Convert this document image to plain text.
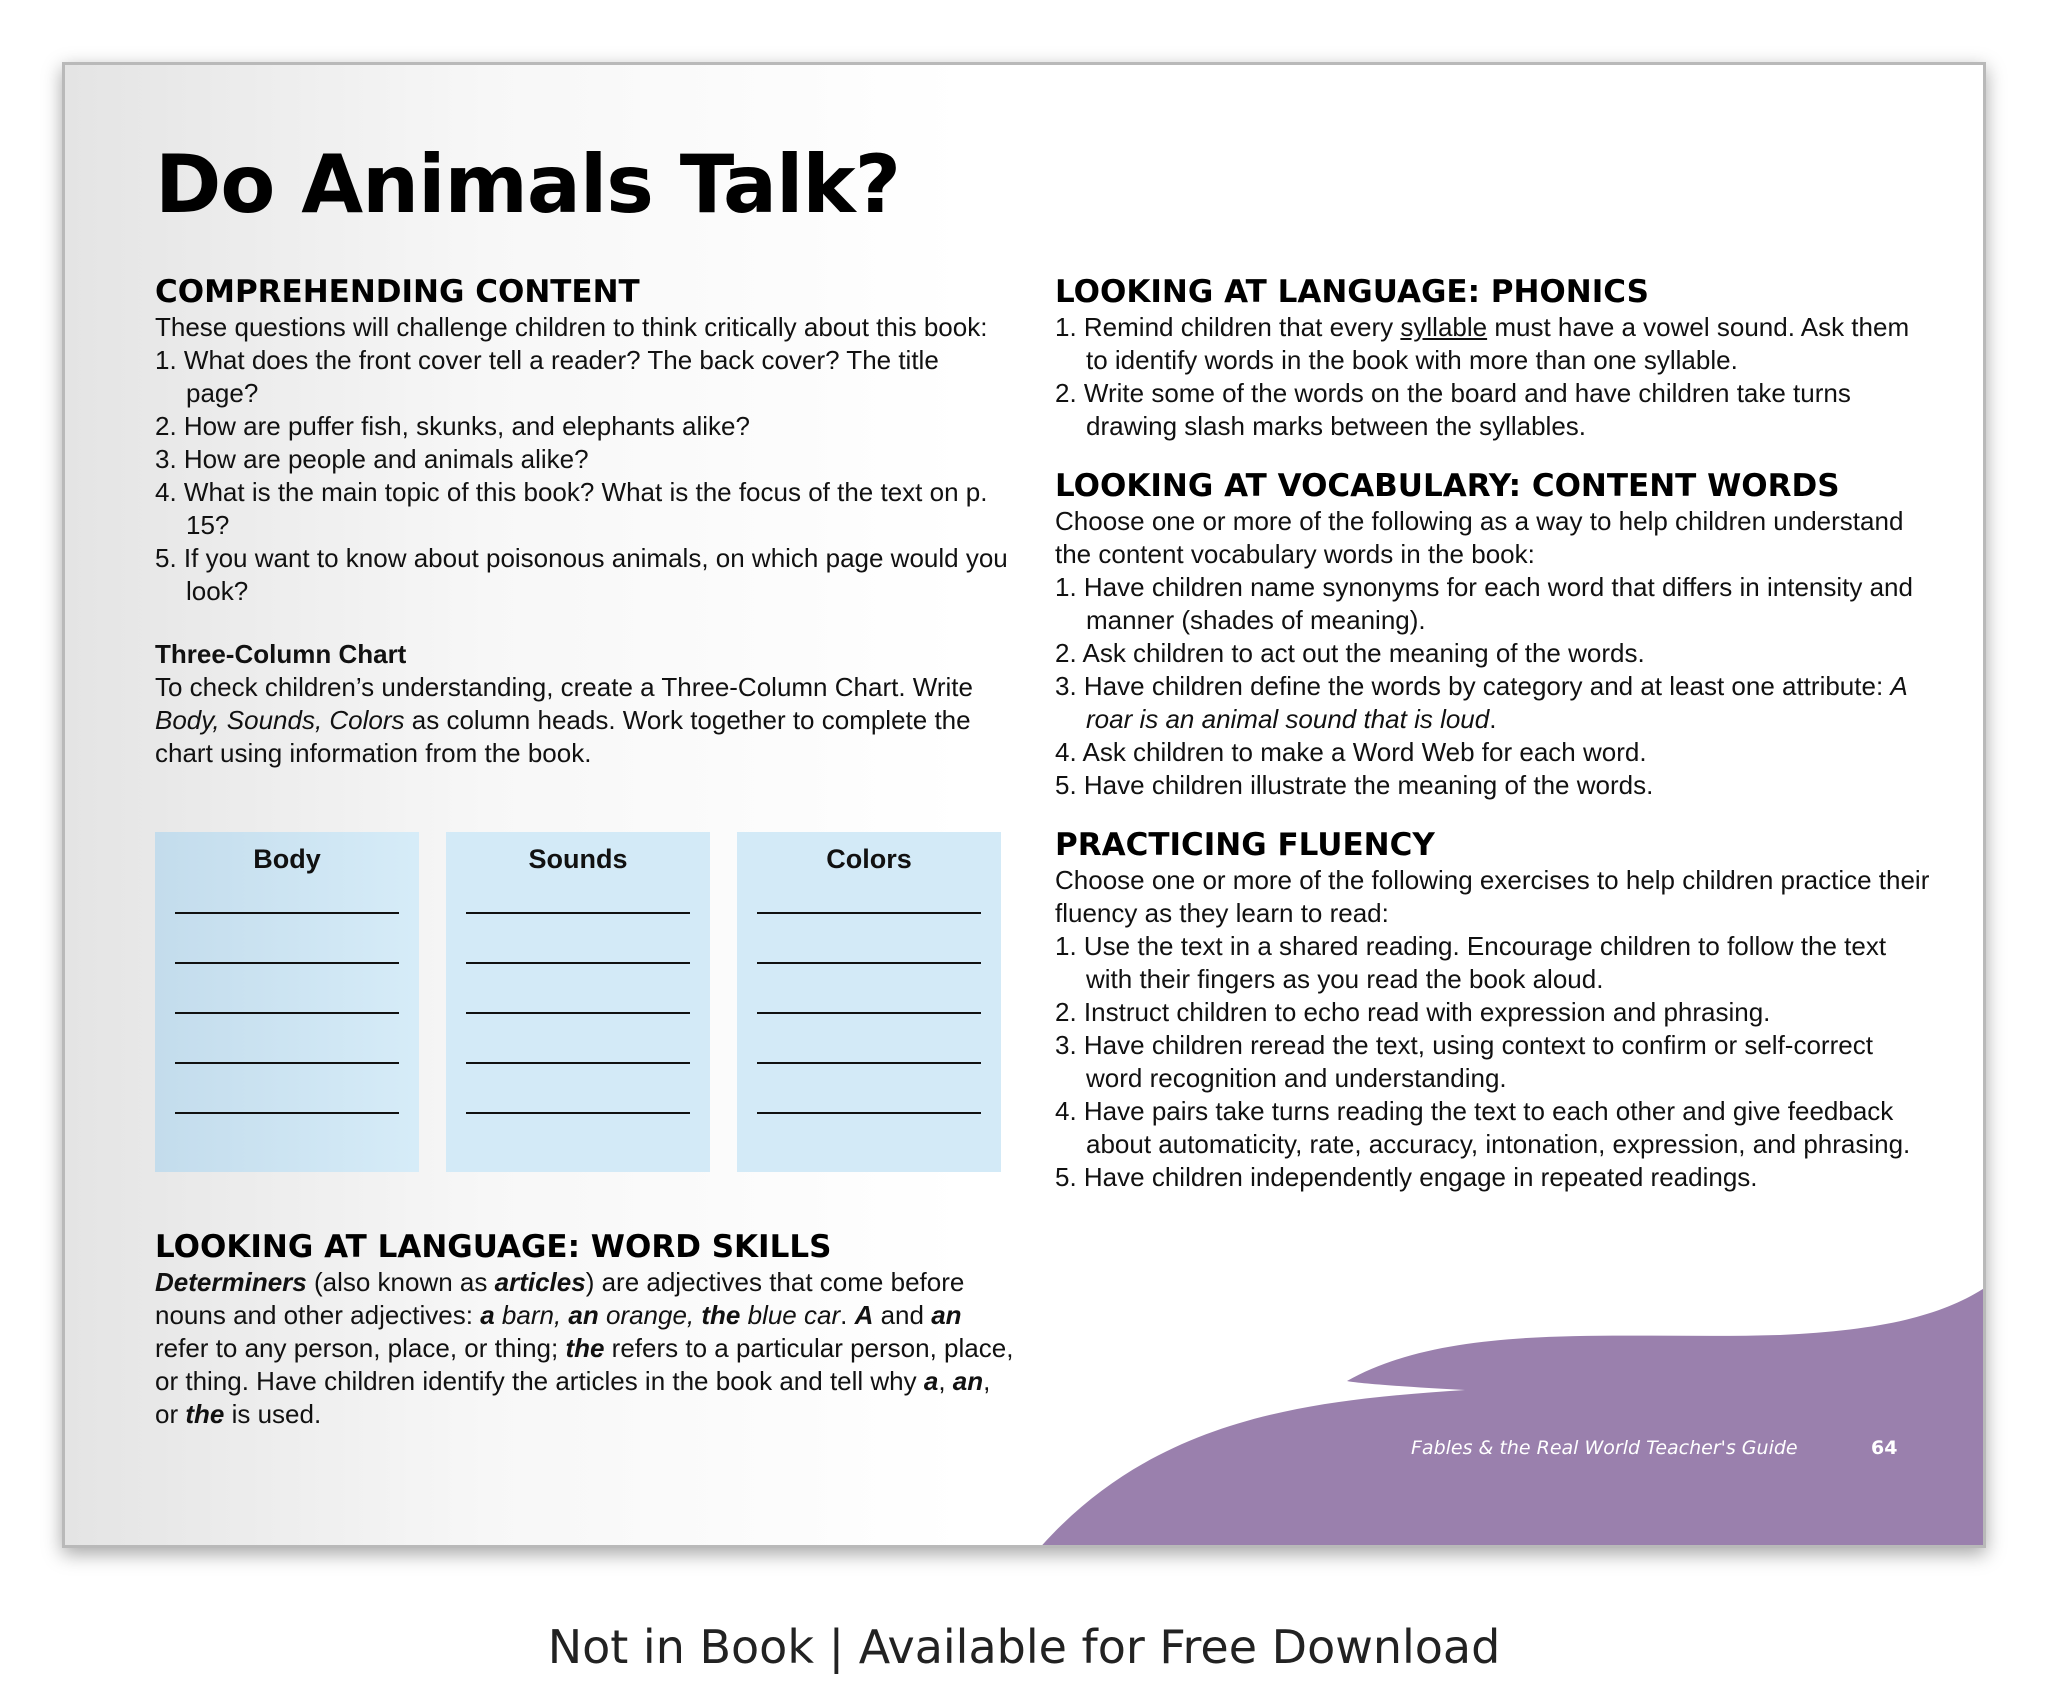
Do Animals Talk?
COMPREHENDING CONTENT

These questions will challenge children to think critically about this book:

1. What does the front cover tell a reader? The back cover? The title page?
2. How are puffer fish, skunks, and elephants alike?
3. How are people and animals alike?
4. What is the main topic of this book? What is the focus of the text on p. 15?
5. If you want to know about poisonous animals, on which page would you look?

Three-Column Chart

To check children’s understanding, create a Three-Column Chart. Write Body, Sounds, Colors as column heads. Work together to complete the chart using information from the book.

Body	Sounds	Colors
LOOKING AT LANGUAGE: WORD SKILLS

Determiners (also known as articles) are adjectives that come before nouns and other adjectives: a barn, an orange, the blue car. A and an refer to any person, place, or thing; the refers to a particular person, place, or thing. Have children identify the articles in the book and tell why a, an, or the is used.

LOOKING AT LANGUAGE: PHONICS
1. Remind children that every syllable must have a vowel sound. Ask them to identify words in the book with more than one syllable.
2. Write some of the words on the board and have children take turns drawing slash marks between the syllables.
LOOKING AT VOCABULARY: CONTENT WORDS

Choose one or more of the following as a way to help children understand the content vocabulary words in the book:

1. Have children name synonyms for each word that differs in intensity and manner (shades of meaning).
2. Ask children to act out the meaning of the words.
3. Have children define the words by category and at least one attribute: A roar is an animal sound that is loud.
4. Ask children to make a Word Web for each word.
5. Have children illustrate the meaning of the words.
PRACTICING FLUENCY

Choose one or more of the following exercises to help children practice their fluency as they learn to read:

1. Use the text in a shared reading. Encourage children to follow the text with their fingers as you read the book aloud.
2. Instruct children to echo read with expression and phrasing.
3. Have children reread the text, using context to confirm or self-correct word recognition and understanding.
4. Have pairs take turns reading the text to each other and give feedback about automaticity, rate, accuracy, intonation, expression, and phrasing.
5. Have children independently engage in repeated readings.
Fables & the Real World Teacher's Guide	64
Not in Book | Available for Free Download
